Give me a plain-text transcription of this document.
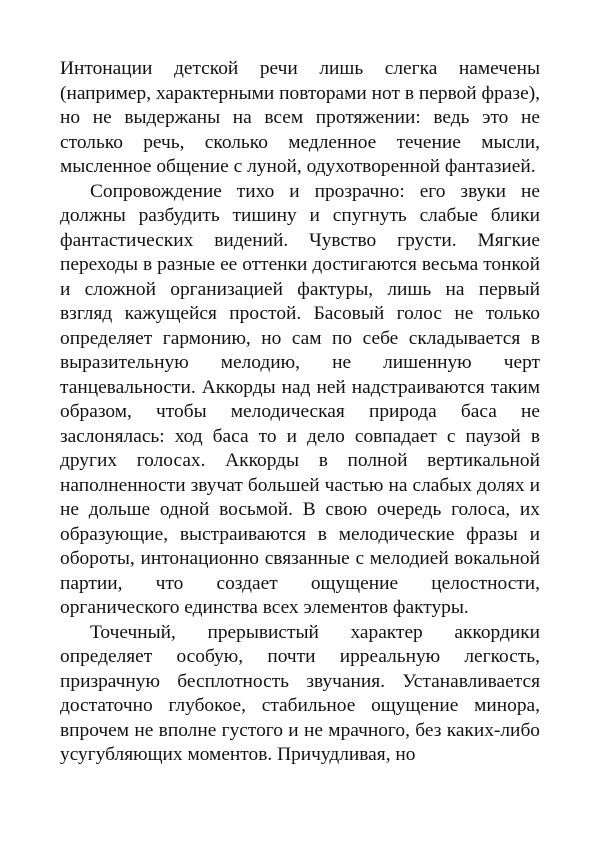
Интонации детской речи лишь слегка намечены (например, характерными повторами нот в первой фразе), но не выдержаны на всем протяжении: ведь это не столько речь, сколько медленное течение мысли, мысленное общение с луной, одухотворенной фантазией.

Сопровождение тихо и прозрачно: его звуки не должны разбудить тишину и спугнуть слабые блики фантастических видений. Чувство грусти. Мягкие переходы в разные ее оттенки достигаются весьма тонкой и сложной организацией фактуры, лишь на первый взгляд кажущейся простой. Басовый голос не только определяет гармонию, но сам по себе складывается в выразительную мелодию, не лишенную черт танцевальности. Аккорды над ней надстраиваются таким образом, чтобы мелодическая природа баса не заслонялась: ход баса то и дело совпадает с паузой в других голосах. Аккорды в полной вертикальной наполненности звучат большей частью на слабых долях и не дольше одной восьмой. В свою очередь голоса, их образующие, выстраиваются в мелодические фразы и обороты, интонационно связанные с мелодией вокальной партии, что создает ощущение целостности, органического единства всех элементов фактуры.

Точечный, прерывистый характер аккордики определяет особую, почти ирреальную легкость, призрачную бесплотность звучания. Устанавливается достаточно глубокое, стабильное ощущение минора, впрочем не вполне густого и не мрачного, без каких-либо усугубляющих моментов. Причудливая, но
